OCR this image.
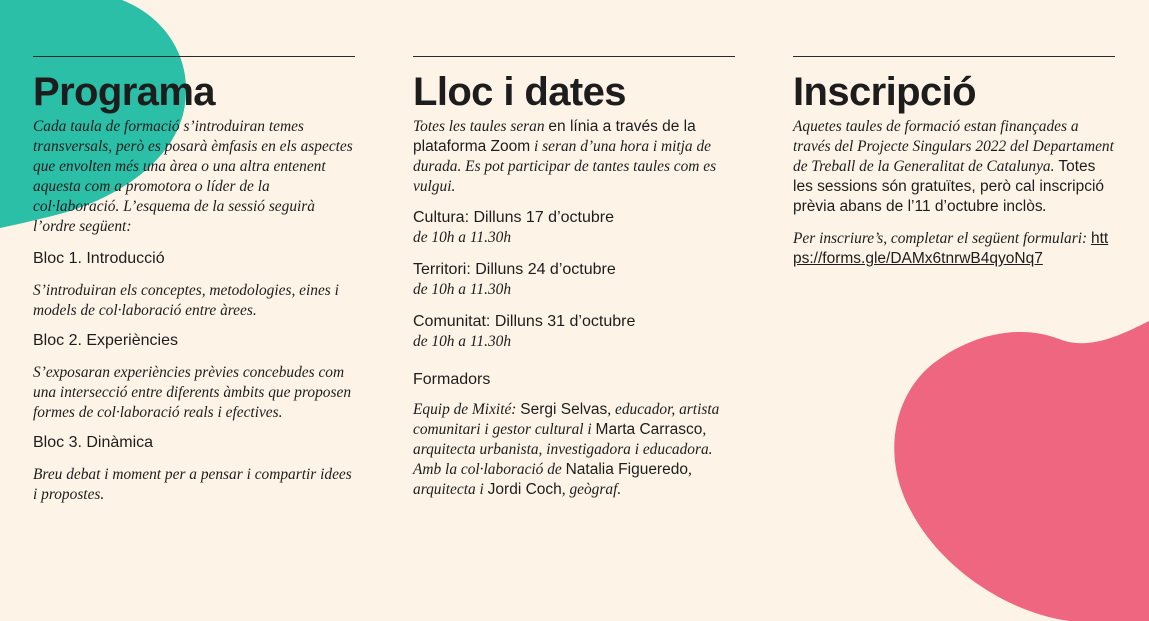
Programa

Cada taula de formació s’introduiran temes transversals, però es posarà èmfasis en els aspectes que envolten més una àrea o una altra entenent aquesta com a promotora o líder de la col·laboració. L’esquema de la sessió seguirà l’ordre següent:

Bloc 1. Introducció

S’introduiran els conceptes, metodologies, eines i models de col·laboració entre àrees.

Bloc 2. Experiències

S’exposaran experiències prèvies concebudes com una intersecció entre diferents àmbits que proposen formes de col·laboració reals i efectives.

Bloc 3. Dinàmica

Breu debat i moment per a pensar i compartir idees i propostes.

Lloc i dates

Totes les taules seran en línia a través de la plataforma Zoom i seran d’una hora i mitja de durada. Es pot participar de tantes taules com es vulgui.

Cultura: Dilluns 17 d’octubre

de 10h a 11.30h

Territori: Dilluns 24 d’octubre

de 10h a 11.30h

Comunitat: Dilluns 31 d’octubre

de 10h a 11.30h

Formadors

Equip de Mixité: Sergi Selvas, educador, artista comunitari i gestor cultural i Marta Carrasco, arquitecta urbanista, investigadora i educadora. Amb la col·laboració de Natalia Figueredo, arquitecta i Jordi Coch, geògraf.

Inscripció

Aquetes taules de formació estan finançades a través del Projecte Singulars 2022 del Departament de Treball de la Generalitat de Catalunya. Totes les sessions són gratuïtes, però cal inscripció prèvia abans de l’11 d’octubre inclòs.

Per inscriure’s, completar el següent formulari: https://forms.gle/DAMx6tnrwB4qyoNq7
